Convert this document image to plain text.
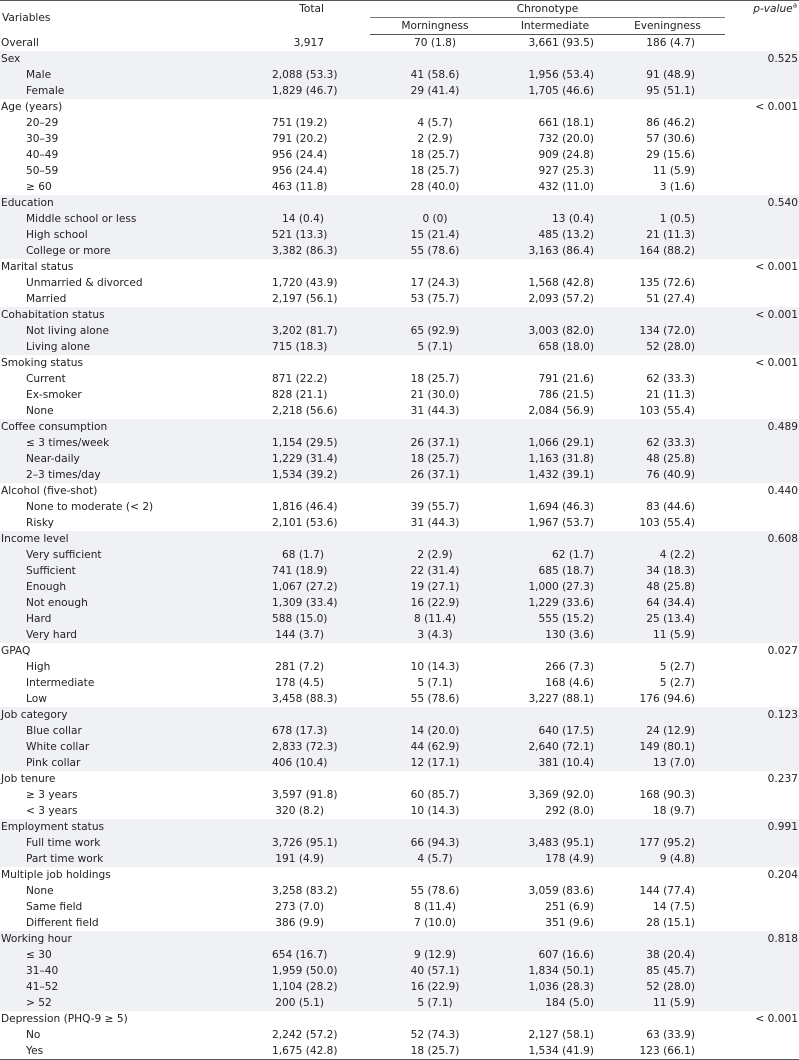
Variables	Total	Chronotype			p-value$^a$
		Morningness	Intermediate	Eveningness	
Overall	3,917	70 (1.8)	3,661 (93.5)	186 (4.7)	
Sex					0.525
Male	2,088 (53.3)	41 (58.6)	1,956 (53.4)	91 (48.9)	
Female	1,829 (46.7)	29 (41.4)	1,705 (46.6)	95 (51.1)	
Age (years)					< 0.001
20–29	751 (19.2)	4 (5.7)	661 (18.1)	86 (46.2)	
30–39	791 (20.2)	2 (2.9)	732 (20.0)	57 (30.6)	
40–49	956 (24.4)	18 (25.7)	909 (24.8)	29 (15.6)	
50–59	956 (24.4)	18 (25.7)	927 (25.3)	11 (5.9)	
≥ 60	463 (11.8)	28 (40.0)	432 (11.0)	3 (1.6)	
Education					0.540
Middle school or less	14 (0.4)	0 (0)	13 (0.4)	1 (0.5)	
High school	521 (13.3)	15 (21.4)	485 (13.2)	21 (11.3)	
College or more	3,382 (86.3)	55 (78.6)	3,163 (86.4)	164 (88.2)	
Marital status					< 0.001
Unmarried & divorced	1,720 (43.9)	17 (24.3)	1,568 (42.8)	135 (72.6)	
Married	2,197 (56.1)	53 (75.7)	2,093 (57.2)	51 (27.4)	
Cohabitation status					< 0.001
Not living alone	3,202 (81.7)	65 (92.9)	3,003 (82.0)	134 (72.0)	
Living alone	715 (18.3)	5 (7.1)	658 (18.0)	52 (28.0)	
Smoking status					< 0.001
Current	871 (22.2)	18 (25.7)	791 (21.6)	62 (33.3)	
Ex-smoker	828 (21.1)	21 (30.0)	786 (21.5)	21 (11.3)	
None	2,218 (56.6)	31 (44.3)	2,084 (56.9)	103 (55.4)	
Coffee consumption					0.489
≤ 3 times/week	1,154 (29.5)	26 (37.1)	1,066 (29.1)	62 (33.3)	
Near-daily	1,229 (31.4)	18 (25.7)	1,163 (31.8)	48 (25.8)	
2–3 times/day	1,534 (39.2)	26 (37.1)	1,432 (39.1)	76 (40.9)	
Alcohol (five-shot)					0.440
None to moderate (< 2)	1,816 (46.4)	39 (55.7)	1,694 (46.3)	83 (44.6)	
Risky	2,101 (53.6)	31 (44.3)	1,967 (53.7)	103 (55.4)	
Income level					0.608
Very sufficient	68 (1.7)	2 (2.9)	62 (1.7)	4 (2.2)	
Sufficient	741 (18.9)	22 (31.4)	685 (18.7)	34 (18.3)	
Enough	1,067 (27.2)	19 (27.1)	1,000 (27.3)	48 (25.8)	
Not enough	1,309 (33.4)	16 (22.9)	1,229 (33.6)	64 (34.4)	
Hard	588 (15.0)	8 (11.4)	555 (15.2)	25 (13.4)	
Very hard	144 (3.7)	3 (4.3)	130 (3.6)	11 (5.9)	
GPAQ					0.027
High	281 (7.2)	10 (14.3)	266 (7.3)	5 (2.7)	
Intermediate	178 (4.5)	5 (7.1)	168 (4.6)	5 (2.7)	
Low	3,458 (88.3)	55 (78.6)	3,227 (88.1)	176 (94.6)	
Job category					0.123
Blue collar	678 (17.3)	14 (20.0)	640 (17.5)	24 (12.9)	
White collar	2,833 (72.3)	44 (62.9)	2,640 (72.1)	149 (80.1)	
Pink collar	406 (10.4)	12 (17.1)	381 (10.4)	13 (7.0)	
Job tenure					0.237
≥ 3 years	3,597 (91.8)	60 (85.7)	3,369 (92.0)	168 (90.3)	
< 3 years	320 (8.2)	10 (14.3)	292 (8.0)	18 (9.7)	
Employment status					0.991
Full time work	3,726 (95.1)	66 (94.3)	3,483 (95.1)	177 (95.2)	
Part time work	191 (4.9)	4 (5.7)	178 (4.9)	9 (4.8)	
Multiple job holdings					0.204
None	3,258 (83.2)	55 (78.6)	3,059 (83.6)	144 (77.4)	
Same field	273 (7.0)	8 (11.4)	251 (6.9)	14 (7.5)	
Different field	386 (9.9)	7 (10.0)	351 (9.6)	28 (15.1)	
Working hour					0.818
≤ 30	654 (16.7)	9 (12.9)	607 (16.6)	38 (20.4)	
31–40	1,959 (50.0)	40 (57.1)	1,834 (50.1)	85 (45.7)	
41–52	1,104 (28.2)	16 (22.9)	1,036 (28.3)	52 (28.0)	
> 52	200 (5.1)	5 (7.1)	184 (5.0)	11 (5.9)	
Depression (PHQ-9 ≥ 5)					< 0.001
No	2,242 (57.2)	52 (74.3)	2,127 (58.1)	63 (33.9)	
Yes	1,675 (42.8)	18 (25.7)	1,534 (41.9)	123 (66.1)	
